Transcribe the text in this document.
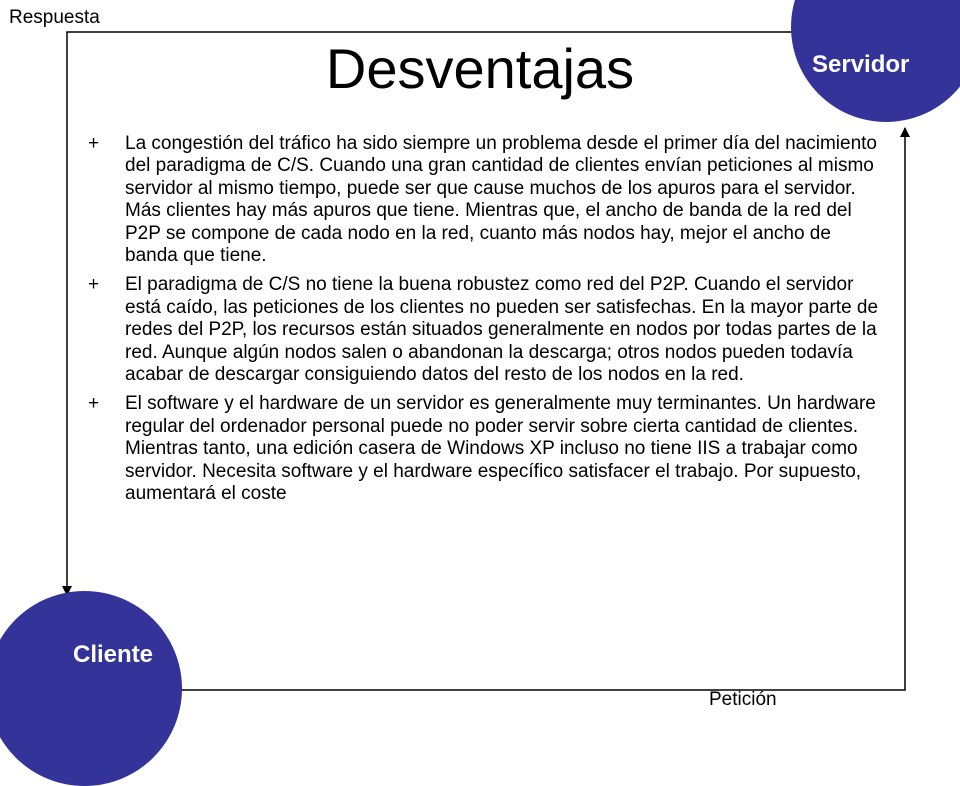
Servidor
Cliente
Respuesta
Petición
Desventajas
+ La congestión del tráfico ha sido siempre un problema desde el primer día del nacimiento del paradigma de C/S. Cuando una gran cantidad de clientes envían peticiones al mismo servidor al mismo tiempo, puede ser que cause muchos de los apuros para el servidor. Más clientes hay más apuros que tiene. Mientras que, el ancho de banda de la red del P2P se compone de cada nodo en la red, cuanto más nodos hay, mejor el ancho de banda que tiene.
+ El paradigma de C/S no tiene la buena robustez como red del P2P. Cuando el servidor está caído, las peticiones de los clientes no pueden ser satisfechas. En la mayor parte de redes del P2P, los recursos están situados generalmente en nodos por todas partes de la red. Aunque algún nodos salen o abandonan la descarga; otros nodos pueden todavía acabar de descargar consiguiendo datos del resto de los nodos en la red.
+ El software y el hardware de un servidor es generalmente muy terminantes. Un hardware regular del ordenador personal puede no poder servir sobre cierta cantidad de clientes. Mientras tanto, una edición casera de Windows XP incluso no tiene IIS a trabajar como servidor. Necesita software y el hardware específico satisfacer el trabajo. Por supuesto, aumentará el coste
